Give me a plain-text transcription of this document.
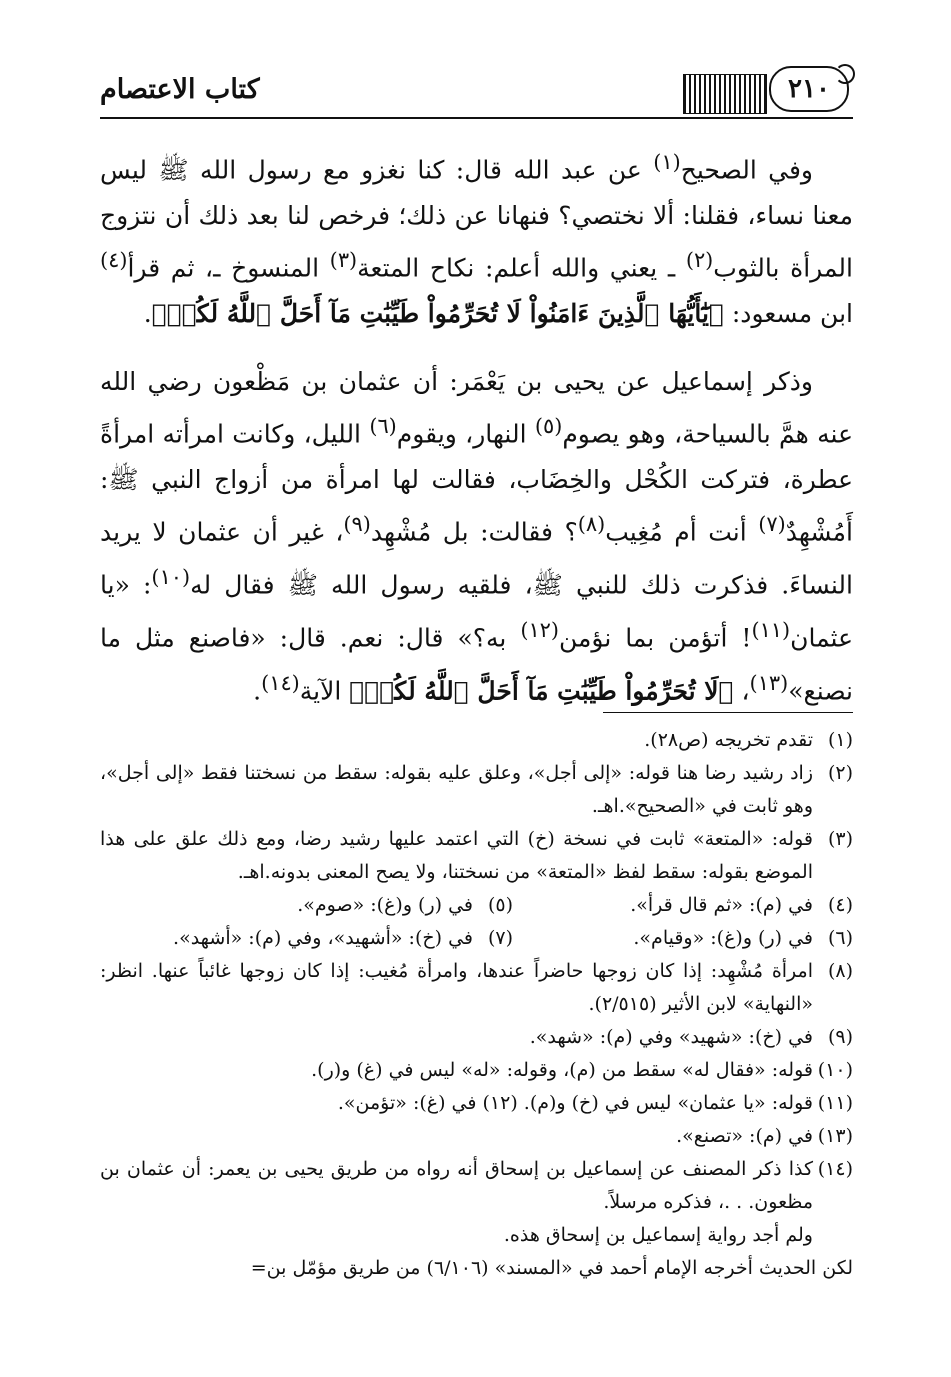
كتاب الاعتصام	٢١٠

وفي الصحيح$^{(١)}$ عن عبد الله قال: كنا نغزو مع رسول الله ﷺ ليس معنا نساء، فقلنا: ألا نختصي؟ فنهانا عن ذلك؛ فرخص لنا بعد ذلك أن نتزوج المرأة بالثوب$^{(٢)}$ ـ يعني والله أعلم: نكاح المتعة$^{(٣)}$ المنسوخ ـ، ثم قرأ$^{(٤)}$ ابن مسعود: ﴿يَٰٓأَيُّهَا ٱلَّذِينَ ءَامَنُواْ لَا تُحَرِّمُواْ طَيِّبَٰتِ مَآ أَحَلَّ ٱللَّهُ لَكُمۡ﴾.

وذكر إسماعيل عن يحيى بن يَعْمَر: أن عثمان بن مَظْعون رضي الله عنه همَّ بالسياحة، وهو يصوم$^{(٥)}$ النهار، ويقوم$^{(٦)}$ الليل، وكانت امرأته امرأةً عطرة، فتركت الكُحْل والخِضَاب، فقالت لها امرأة من أزواج النبي ﷺ: أَمُشْهِدٌ$^{(٧)}$ أنت أم مُغِيب$^{(٨)}$؟ فقالت: بل مُشْهِد$^{(٩)}$، غير أن عثمان لا يريد النساءَ. فذكرت ذلك للنبي ﷺ، فلقيه رسول الله ﷺ فقال له$^{(١٠)}$: «يا عثمان$^{(١١)}$! أتؤمن بما نؤمن$^{(١٢)}$ به؟» قال: نعم. قال: «فاصنع مثل ما نصنع»$^{(١٣)}$، ﴿لَا تُحَرِّمُواْ طَيِّبَٰتِ مَآ أَحَلَّ ٱللَّهُ لَكُمۡ﴾ الآية$^{(١٤)}$.

(١)
تقدم تخريجه (ص٢٨).
(٢)
زاد رشيد رضا هنا قوله: «إلى أجل»، وعلق عليه بقوله: سقط من نسختنا فقط «إلى أجل»، وهو ثابت في «الصحيح».اهـ.
(٣)
قوله: «المتعة» ثابت في نسخة (خ) التي اعتمد عليها رشيد رضا، ومع ذلك علق على هذا الموضع بقوله: سقط لفظ «المتعة» من نسختنا، ولا يصح المعنى بدونه.اهـ.
(٤)
في (م): «ثم قال قرأ».
(٥)
في (ر) و(غ): «صوم».
(٦)
في (ر) و(غ): «وقيام».
(٧)
في (خ): «أشهيد»، وفي (م): «أشهد».
(٨)
امرأة مُشْهِد: إذا كان زوجها حاضراً عندها، وامرأة مُغيب: إذا كان زوجها غائباً عنها. انظر: «النهاية» لابن الأثير (٢/٥١٥).
(٩)
في (خ): «شهيد» وفي (م): «شهد».
(١٠)
قوله: «فقال له» سقط من (م)، وقوله: «له» ليس في (غ) و(ر).
(١١)
قوله: «يا عثمان» ليس في (خ) و(م). (١٢) في (غ): «تؤمن».
(١٣)
في (م): «تصنع».
(١٤)
كذا ذكر المصنف عن إسماعيل بن إسحاق أنه رواه من طريق يحيى بن يعمر: أن عثمان بن مظعون. . .، فذكره مرسلاً.
ولم أجد رواية إسماعيل بن إسحاق هذه.
لكن الحديث أخرجه الإمام أحمد في «المسند» (٦/١٠٦) من طريق مؤمّل بن=
